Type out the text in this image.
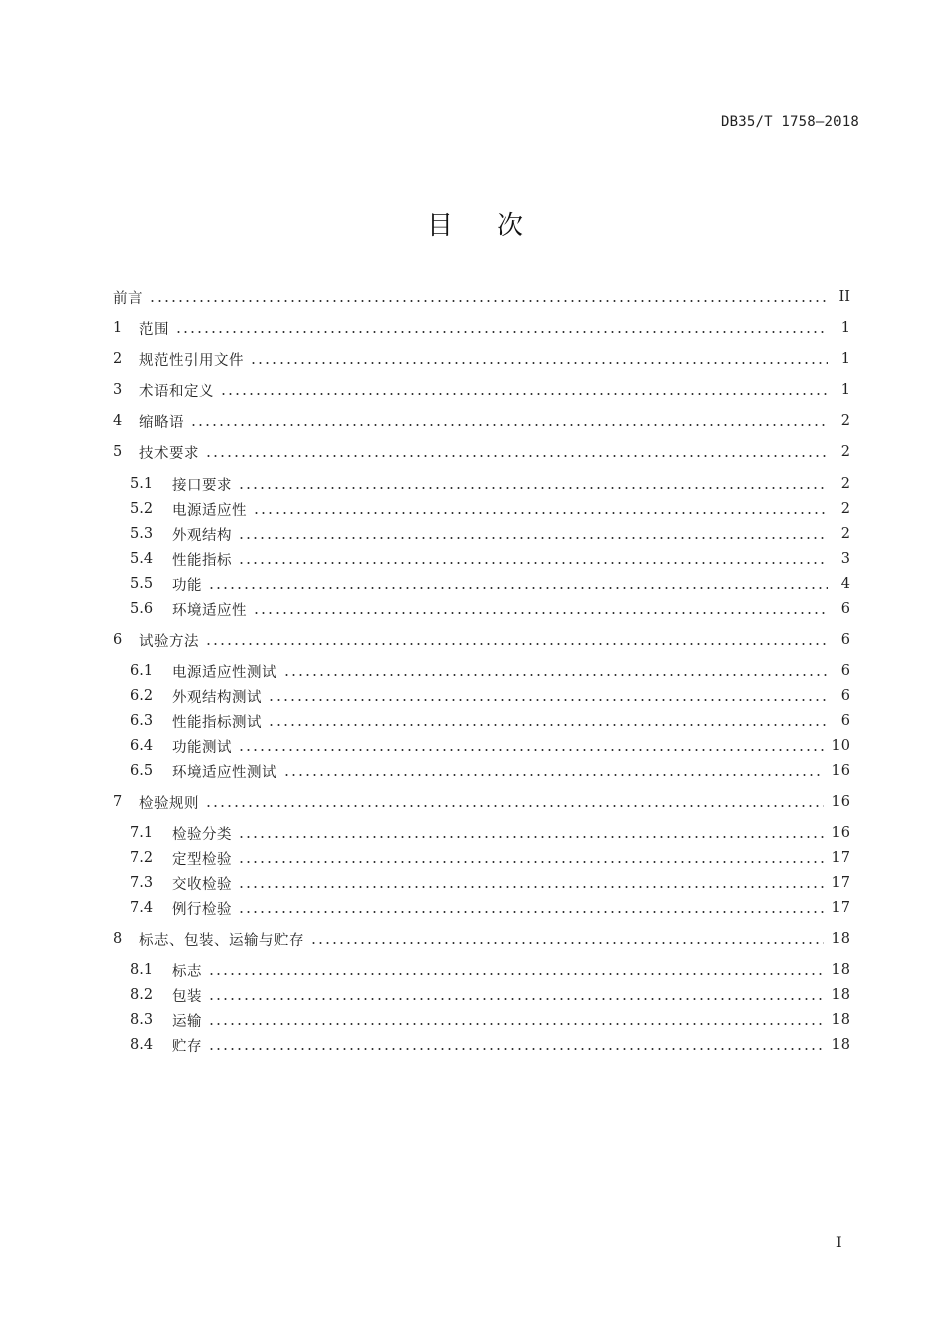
DB35/T 1758—2018
目次
前言	II
1	范围	1
2	规范性引用文件	1
3	术语和定义	1
4	缩略语	2
5	技术要求	2
5.1	接口要求	2
5.2	电源适应性	2
5.3	外观结构	2
5.4	性能指标	3
5.5	功能	4
5.6	环境适应性	6
6	试验方法	6
6.1	电源适应性测试	6
6.2	外观结构测试	6
6.3	性能指标测试	6
6.4	功能测试	10
6.5	环境适应性测试	16
7	检验规则	16
7.1	检验分类	16
7.2	定型检验	17
7.3	交收检验	17
7.4	例行检验	17
8	标志、包装、运输与贮存	18
8.1	标志	18
8.2	包装	18
8.3	运输	18
8.4	贮存	18
I
